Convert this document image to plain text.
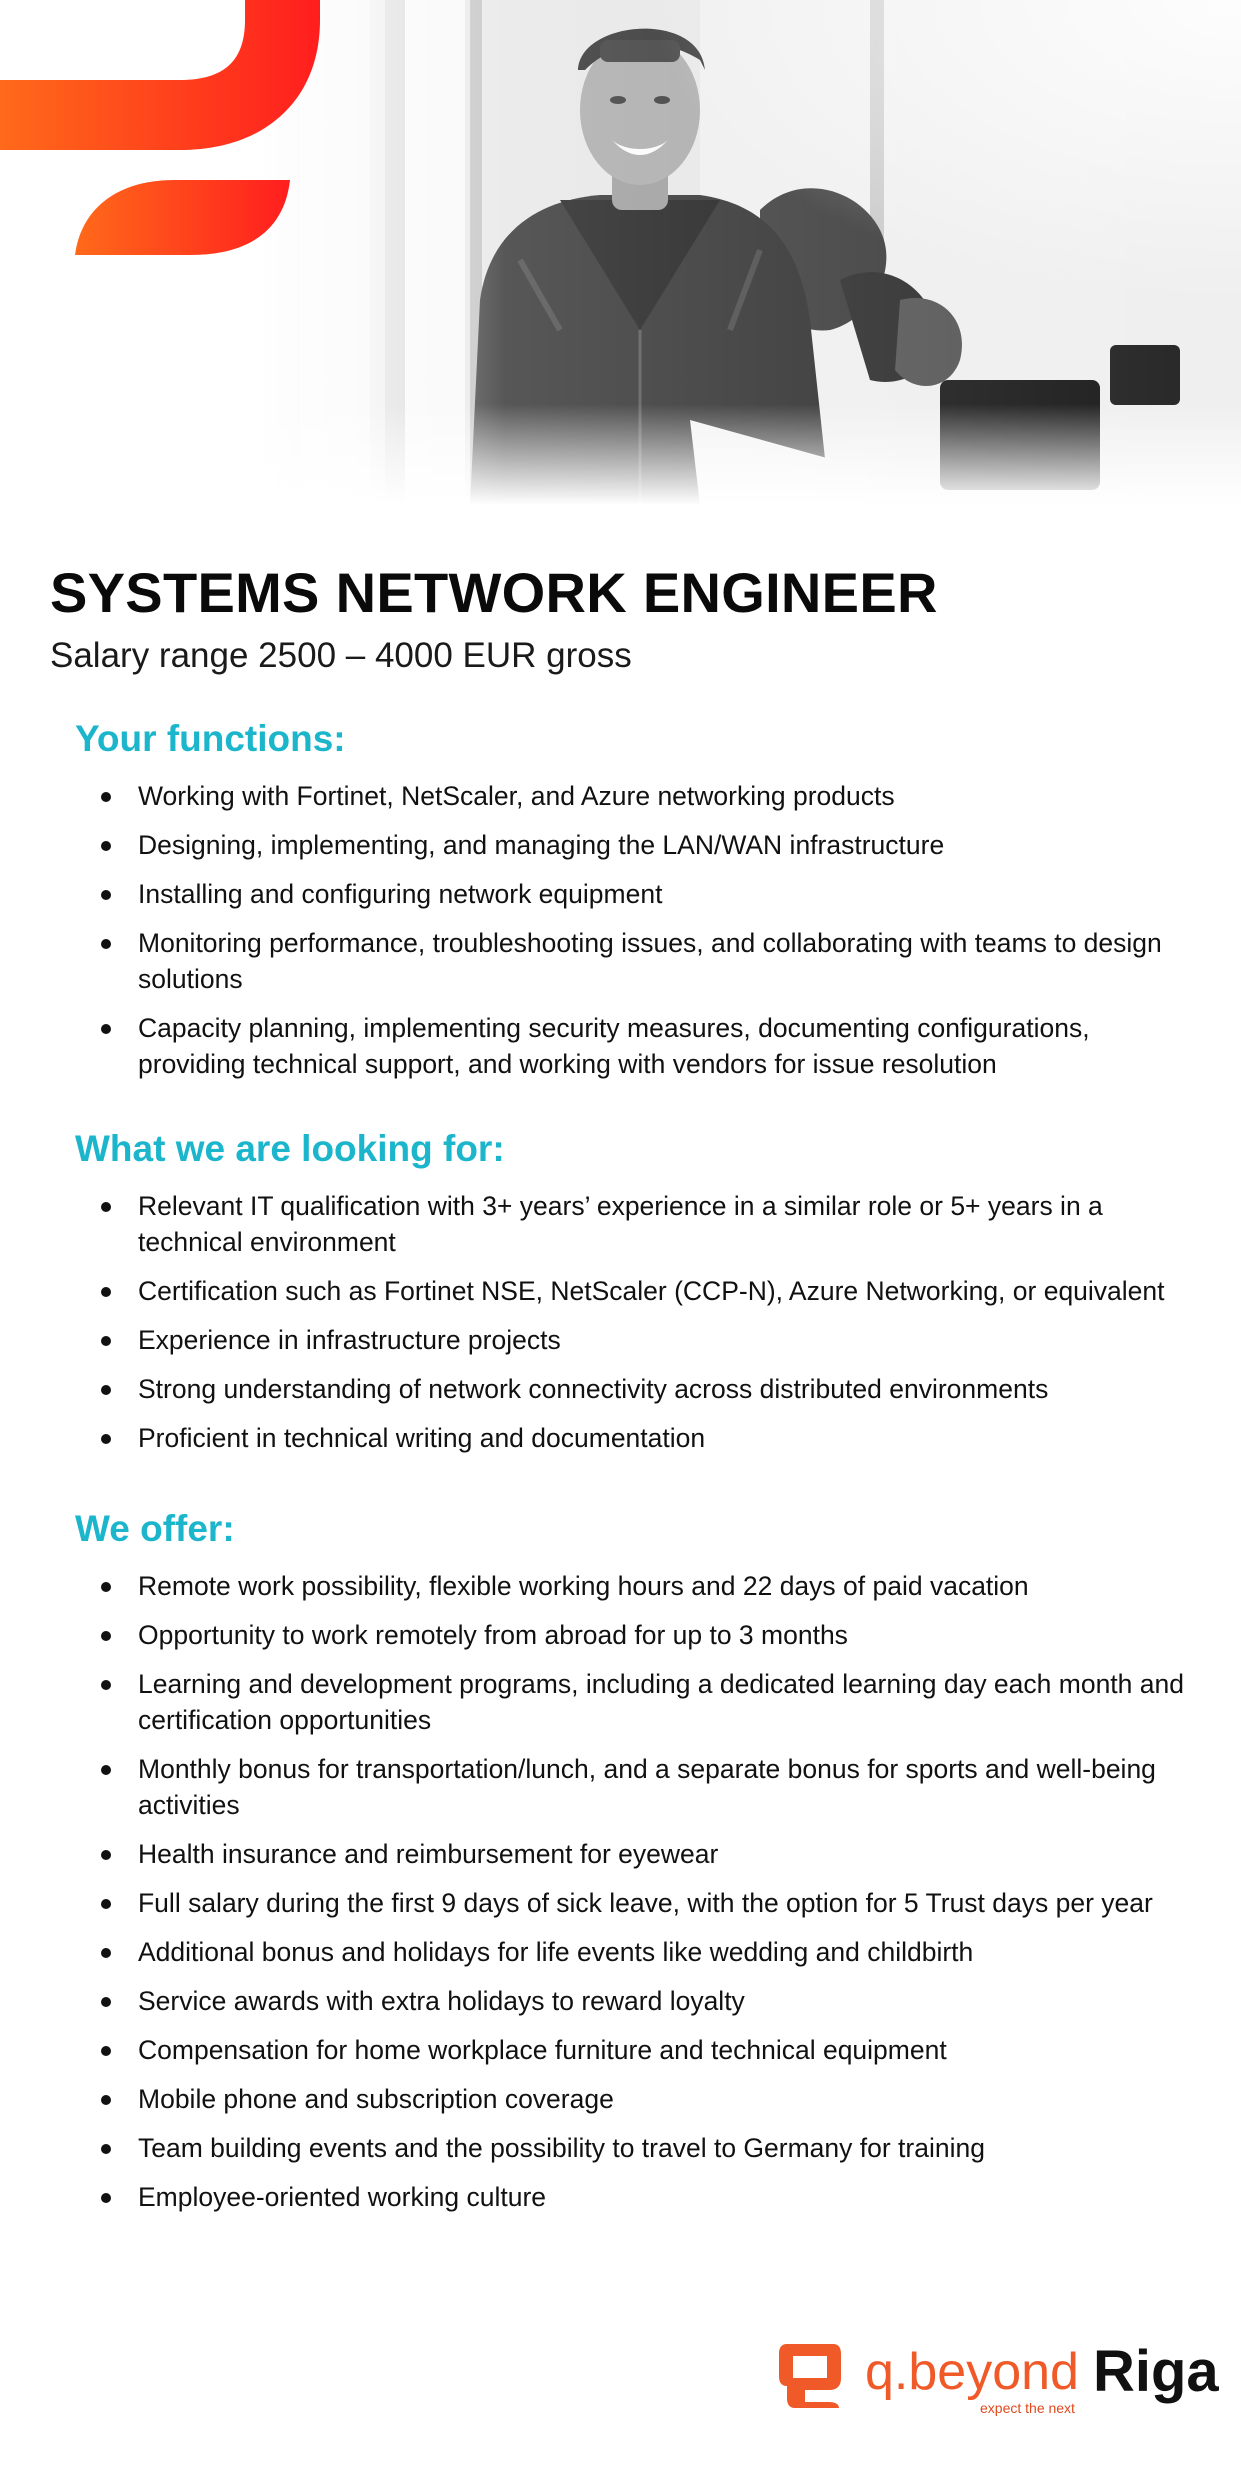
SYSTEMS NETWORK ENGINEER

Salary range 2500 – 4000 EUR gross

Your functions:
Working with Fortinet, NetScaler, and Azure networking products
Designing, implementing, and managing the LAN/WAN infrastructure
Installing and configuring network equipment
Monitoring performance, troubleshooting issues, and collaborating with teams to design solutions
Capacity planning, implementing security measures, documenting configurations, providing technical support, and working with vendors for issue resolution
What we are looking for:
Relevant IT qualification with 3+ years’ experience in a similar role or 5+ years in a technical environment
Certification such as Fortinet NSE, NetScaler (CCP-N), Azure Networking, or equivalent
Experience in infrastructure projects
Strong understanding of network connectivity across distributed environments
Proficient in technical writing and documentation
We offer:
Remote work possibility, flexible working hours and 22 days of paid vacation
Opportunity to work remotely from abroad for up to 3 months
Learning and development programs, including a dedicated learning day each month and certification opportunities
Monthly bonus for transportation/lunch, and a separate bonus for sports and well-being activities
Health insurance and reimbursement for eyewear
Full salary during the first 9 days of sick leave, with the option for 5 Trust days per year
Additional bonus and holidays for life events like wedding and childbirth
Service awards with extra holidays to reward loyalty
Compensation for home workplace furniture and technical equipment
Mobile phone and subscription coverage
Team building events and the possibility to travel to Germany for training
Employee-oriented working culture
q.beyond
expect the next
Riga
